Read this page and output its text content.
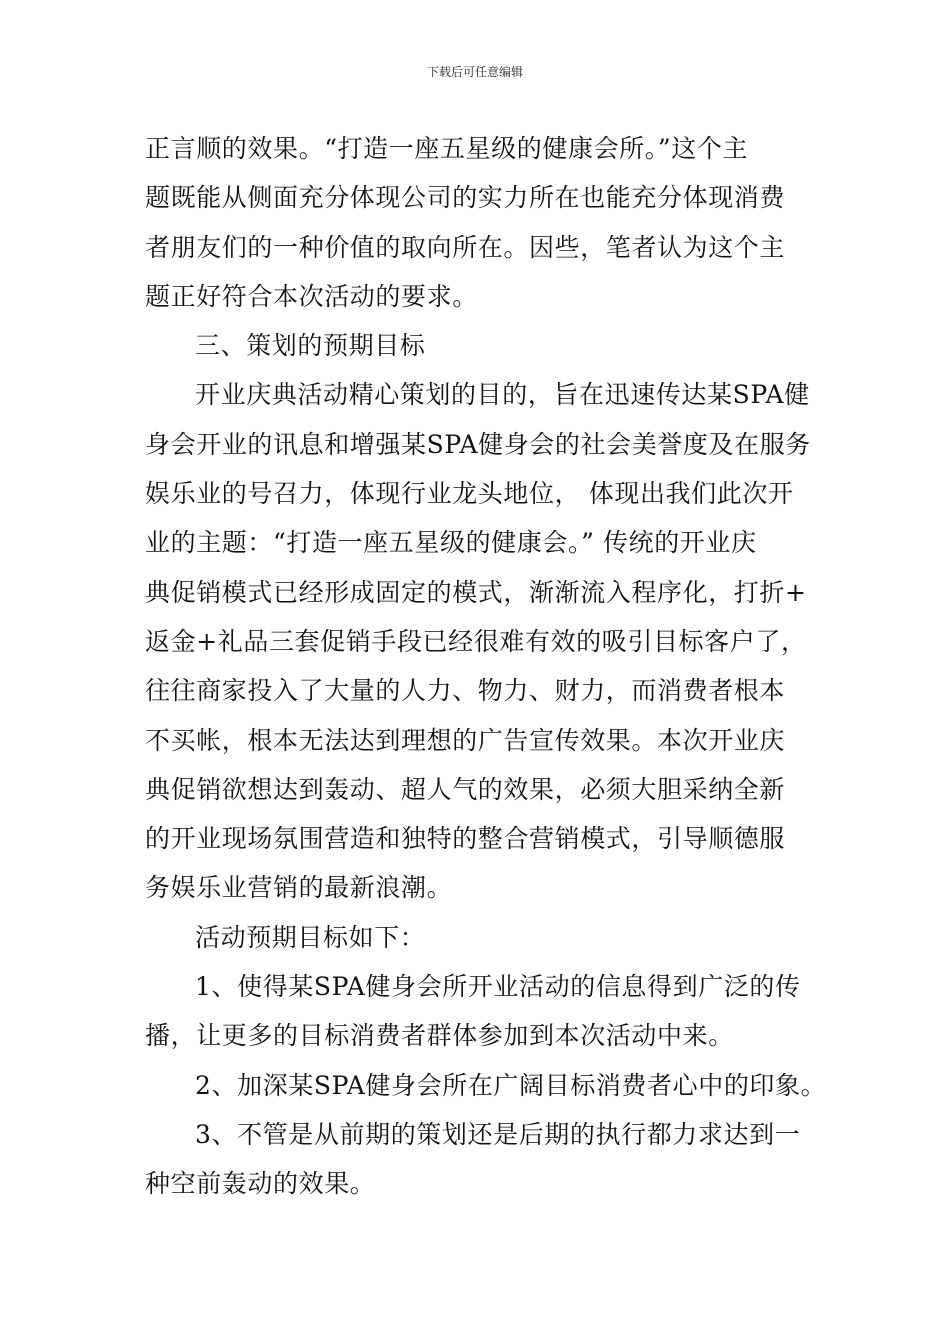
下载后可任意编辑
正言顺的效果。“打造一座五星级的健康会所。”这个主
题既能从侧面充分体现公司的实力所在也能充分体现消费
者朋友们的一种价值的取向所在。因些，笔者认为这个主
题正好符合本次活动的要求。
三、策划的预期目标
开业庆典活动精心策划的目的，旨在迅速传达某SPA健
身会开业的讯息和增强某SPA健身会的社会美誉度及在服务
娱乐业的号召力，体现行业龙头地位， 体现出我们此次开
业的主题：“打造一座五星级的健康会。” 传统的开业庆
典促销模式已经形成固定的模式，渐渐流入程序化，打折+
返金+礼品三套促销手段已经很难有效的吸引目标客户了，
往往商家投入了大量的人力、物力、财力，而消费者根本
不买帐，根本无法达到理想的广告宣传效果。本次开业庆
典促销欲想达到轰动、超人气的效果，必须大胆采纳全新
的开业现场氛围营造和独特的整合营销模式，引导顺德服
务娱乐业营销的最新浪潮。
活动预期目标如下：
1、使得某SPA健身会所开业活动的信息得到广泛的传
播，让更多的目标消费者群体参加到本次活动中来。
2、加深某SPA健身会所在广阔目标消费者心中的印象。
3、不管是从前期的策划还是后期的执行都力求达到一
种空前轰动的效果。
